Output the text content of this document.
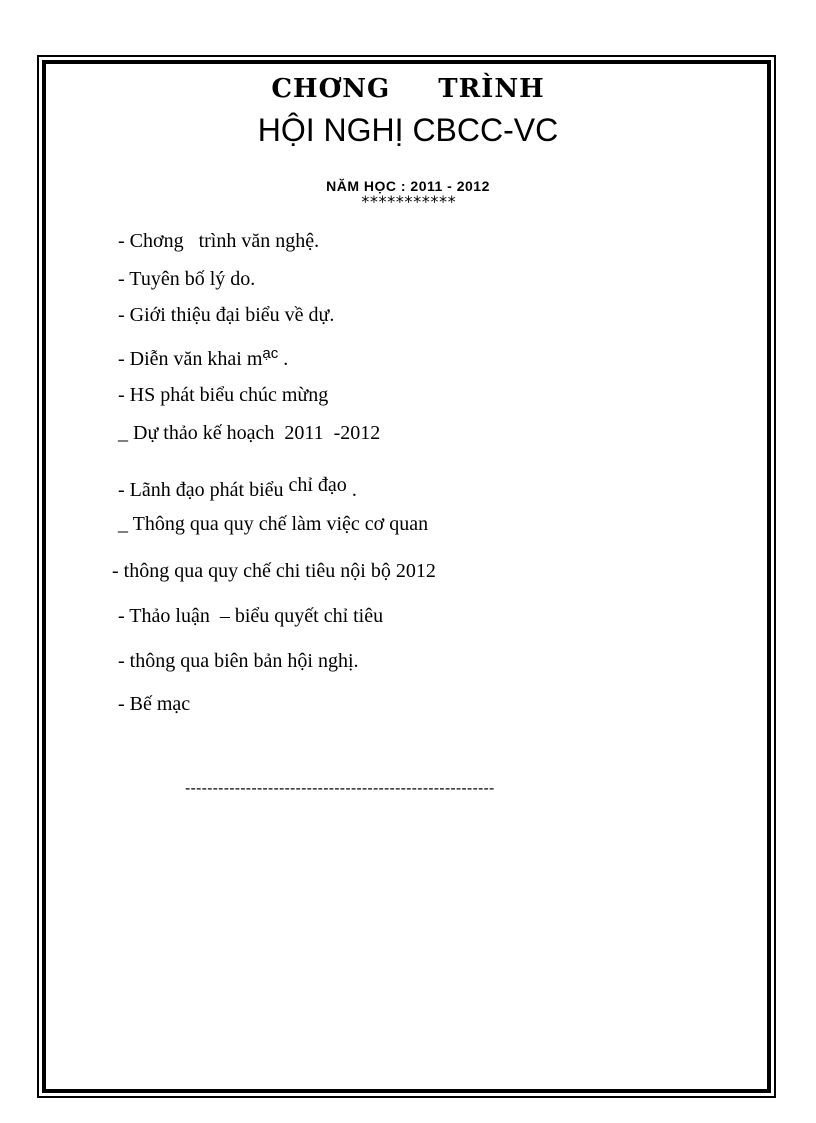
CHƠNG TRÌNH
HỘI NGHỊ CBCC-VC
NĂM HỌC : 2011 - 2012
***********
- Chơng   trình văn nghệ.
- Tuyên bố lý do.
- Giới thiệu đại biểu về dự.
- Diễn văn khai $m^{ạc}$ .
- HS phát biểu chúc mừng
_ Dự thảo kế hoạch  2011  -2012
- Lãnh đạo phát biểu chỉ đạo .
_ Thông qua quy chế làm việc cơ quan
- thông qua quy chế chi tiêu nội bộ 2012
- Thảo luận  – biểu quyết chỉ tiêu
- thông qua biên bản hội nghị.
- Bế mạc
--------------------------------------------------------
